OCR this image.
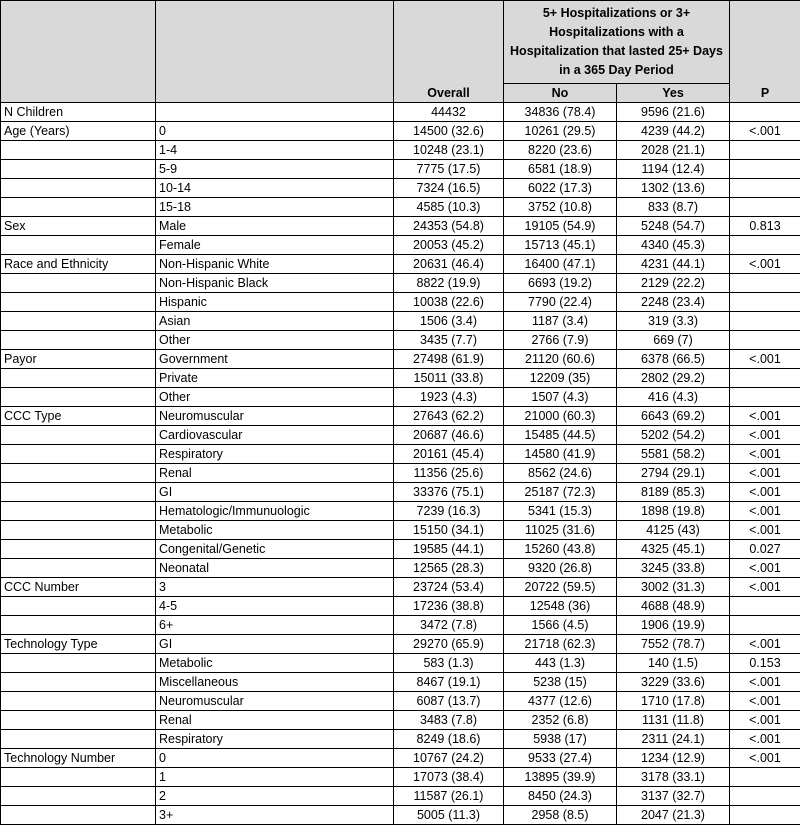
		Overall	5+ Hospitalizations or 3+ Hospitalizations with a Hospitalization that lasted 25+ Days in a 365 Day Period		P
			No	Yes	
N Children		44432	34836 (78.4)	9596 (21.6)	
Age (Years)	0	14500 (32.6)	10261 (29.5)	4239 (44.2)	<.001
	1-4	10248 (23.1)	8220 (23.6)	2028 (21.1)	
	5-9	7775 (17.5)	6581 (18.9)	1194 (12.4)	
	10-14	7324 (16.5)	6022 (17.3)	1302 (13.6)	
	15-18	4585 (10.3)	3752 (10.8)	833 (8.7)	
Sex	Male	24353 (54.8)	19105 (54.9)	5248 (54.7)	0.813
	Female	20053 (45.2)	15713 (45.1)	4340 (45.3)	
Race and Ethnicity	Non-Hispanic White	20631 (46.4)	16400 (47.1)	4231 (44.1)	<.001
	Non-Hispanic Black	8822 (19.9)	6693 (19.2)	2129 (22.2)	
	Hispanic	10038 (22.6)	7790 (22.4)	2248 (23.4)	
	Asian	1506 (3.4)	1187 (3.4)	319 (3.3)	
	Other	3435 (7.7)	2766 (7.9)	669 (7)	
Payor	Government	27498 (61.9)	21120 (60.6)	6378 (66.5)	<.001
	Private	15011 (33.8)	12209 (35)	2802 (29.2)	
	Other	1923 (4.3)	1507 (4.3)	416 (4.3)	
CCC Type	Neuromuscular	27643 (62.2)	21000 (60.3)	6643 (69.2)	<.001
	Cardiovascular	20687 (46.6)	15485 (44.5)	5202 (54.2)	<.001
	Respiratory	20161 (45.4)	14580 (41.9)	5581 (58.2)	<.001
	Renal	11356 (25.6)	8562 (24.6)	2794 (29.1)	<.001
	GI	33376 (75.1)	25187 (72.3)	8189 (85.3)	<.001
	Hematologic/Immunuologic	7239 (16.3)	5341 (15.3)	1898 (19.8)	<.001
	Metabolic	15150 (34.1)	11025 (31.6)	4125 (43)	<.001
	Congenital/Genetic	19585 (44.1)	15260 (43.8)	4325 (45.1)	0.027
	Neonatal	12565 (28.3)	9320 (26.8)	3245 (33.8)	<.001
CCC Number	3	23724 (53.4)	20722 (59.5)	3002 (31.3)	<.001
	4-5	17236 (38.8)	12548 (36)	4688 (48.9)	
	6+	3472 (7.8)	1566 (4.5)	1906 (19.9)	
Technology Type	GI	29270 (65.9)	21718 (62.3)	7552 (78.7)	<.001
	Metabolic	583 (1.3)	443 (1.3)	140 (1.5)	0.153
	Miscellaneous	8467 (19.1)	5238 (15)	3229 (33.6)	<.001
	Neuromuscular	6087 (13.7)	4377 (12.6)	1710 (17.8)	<.001
	Renal	3483 (7.8)	2352 (6.8)	1131 (11.8)	<.001
	Respiratory	8249 (18.6)	5938 (17)	2311 (24.1)	<.001
Technology Number	0	10767 (24.2)	9533 (27.4)	1234 (12.9)	<.001
	1	17073 (38.4)	13895 (39.9)	3178 (33.1)	
	2	11587 (26.1)	8450 (24.3)	3137 (32.7)	
	3+	5005 (11.3)	2958 (8.5)	2047 (21.3)	
